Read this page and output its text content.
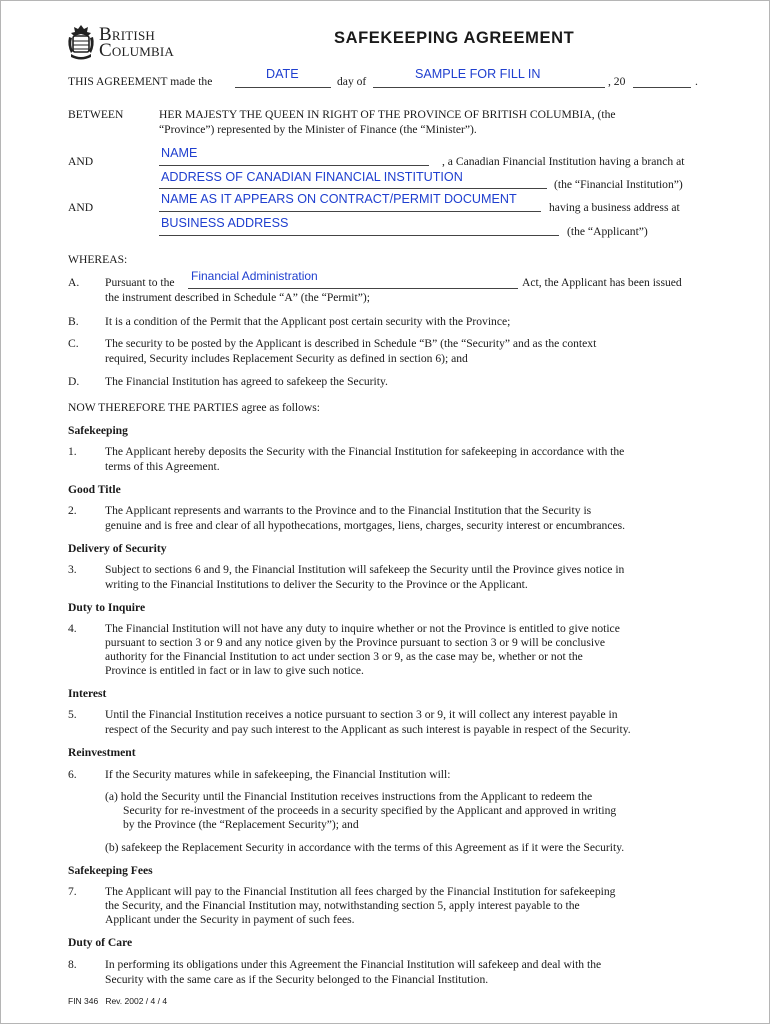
British
Columbia
SAFEKEEPING AGREEMENT
THIS AGREEMENT made the
DATE
day of
SAMPLE FOR FILL IN
, 20	.
BETWEEN	HER MAJESTY THE QUEEN IN RIGHT OF THE PROVINCE OF BRITISH COLUMBIA, (the
“Province”) represented by the Minister of Finance (the “Minister”).
AND
NAME
, a Canadian Financial Institution having a branch at
ADDRESS OF CANADIAN FINANCIAL INSTITUTION
(the “Financial Institution”)
AND
NAME AS IT APPEARS ON CONTRACT/PERMIT DOCUMENT
having a business address at
BUSINESS ADDRESS
(the “Applicant”)
WHEREAS:
A. Pursuant to the Financial Administration	Act, the Applicant has been issued
the instrument described in Schedule “A” (the “Permit”);
B. It is a condition of the Permit that the Applicant post certain security with the Province;
C. The security to be posted by the Applicant is described in Schedule “B” (the “Security” and as the context
required, Security includes Replacement Security as defined in section 6); and
D. The Financial Institution has agreed to safekeep the Security.
NOW THEREFORE THE PARTIES agree as follows:
Safekeeping
1. The Applicant hereby deposits the Security with the Financial Institution for safekeeping in accordance with the
terms of this Agreement.
Good Title
2. The Applicant represents and warrants to the Province and to the Financial Institution that the Security is
genuine and is free and clear of all hypothecations, mortgages, liens, charges, security interest or encumbrances.
Delivery of Security
3. Subject to sections 6 and 9, the Financial Institution will safekeep the Security until the Province gives notice in
writing to the Financial Institutions to deliver the Security to the Province or the Applicant.
Duty to Inquire
4. The Financial Institution will not have any duty to inquire whether or not the Province is entitled to give notice
pursuant to section 3 or 9 and any notice given by the Province pursuant to section 3 or 9 will be conclusive
authority for the Financial Institution to act under section 3 or 9, as the case may be, whether or not the
Province is entitled in fact or in law to give such notice.
Interest
5. Until the Financial Institution receives a notice pursuant to section 3 or 9, it will collect any interest payable in
respect of the Security and pay such interest to the Applicant as such interest is payable in respect of the Security.
Reinvestment
6. If the Security matures while in safekeeping, the Financial Institution will:
(a) hold the Security until the Financial Institution receives instructions from the Applicant to redeem the
Security for re-investment of the proceeds in a security specified by the Applicant and approved in writing
by the Province (the “Replacement Security”); and
(b) safekeep the Replacement Security in accordance with the terms of this Agreement as if it were the Security.
Safekeeping Fees
7. The Applicant will pay to the Financial Institution all fees charged by the Financial Institution for safekeeping
the Security, and the Financial Institution may, notwithstanding section 5, apply interest payable to the
Applicant under the Security in payment of such fees.
Duty of Care
8. In performing its obligations under this Agreement the Financial Institution will safekeep and deal with the
Security with the same care as if the Security belonged to the Financial Institution.
FIN 346   Rev. 2002 / 4 / 4
